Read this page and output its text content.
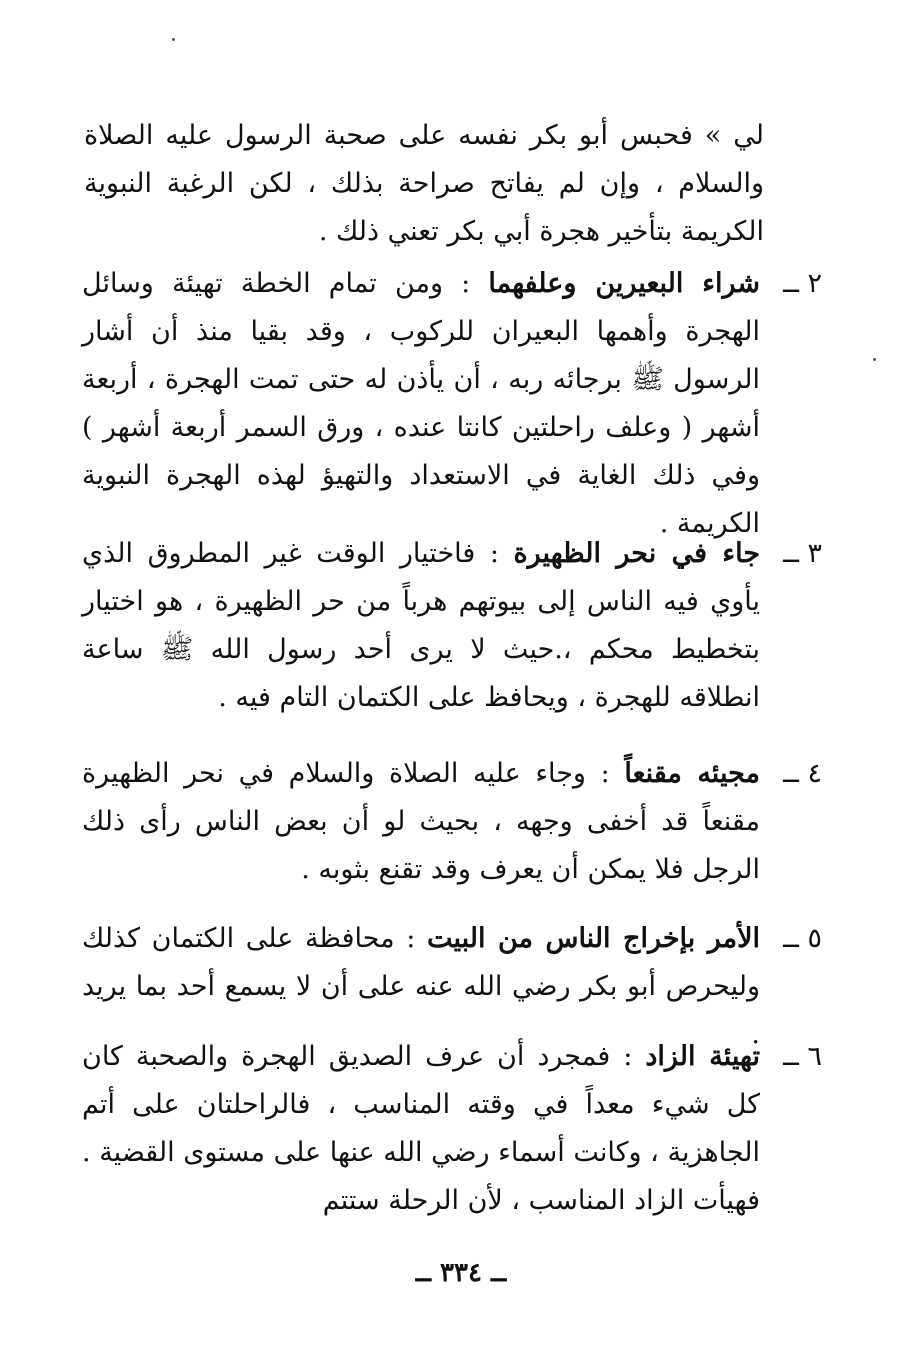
لي » فحبس أبو بكر نفسه على صحبة الرسول عليه الصلاة والسلام ، وإن لم يفاتح صراحة بذلك ، لكن الرغبة النبوية الكريمة بتأخير هجرة أبي بكر تعني ذلك .

٢ ــ
شراء البعيرين وعلفهما : ومن تمام الخطة تهيئة وسائل الهجرة وأهمها البعيران للركوب ، وقد بقيا منذ أن أشار الرسول ﷺ برجائه ربه ، أن يأذن له حتى تمت الهجرة ، أربعة أشهر ( وعلف راحلتين كانتا عنده ، ورق السمر أربعة أشهر ) وفي ذلك الغاية في الاستعداد والتهيؤ لهذه الهجرة النبوية الكريمة .
٣ ــ
جاء في نحر الظهيرة : فاختيار الوقت غير المطروق الذي يأوي فيه الناس إلى بيوتهم هرباً من حر الظهيرة ، هو اختيار بتخطيط محكم ،.حيث لا يرى أحد رسول الله ﷺ ساعة انطلاقه للهجرة ، ويحافظ على الكتمان التام فيه .
٤ ــ
مجيئه مقنعاً : وجاء عليه الصلاة والسلام في نحر الظهيرة مقنعاً قد أخفى وجهه ، بحيث لو أن بعض الناس رأى ذلك الرجل فلا يمكن أن يعرف وقد تقنع بثوبه .
٥ ــ
الأمر بإخراج الناس من البيت : محافظة على الكتمان كذلك وليحرص أبو بكر رضي الله عنه على أن لا يسمع أحد بما يريد .
٦ ــ
تهيئة الزاد : فمجرد أن عرف الصديق الهجرة والصحبة كان كل شيء معداً في وقته المناسب ، فالراحلتان على أتم الجاهزية ، وكانت أسماء رضي الله عنها على مستوى القضية . فهيأت الزاد المناسب ، لأن الرحلة ستتم
ــ ٣٣٤ ــ
